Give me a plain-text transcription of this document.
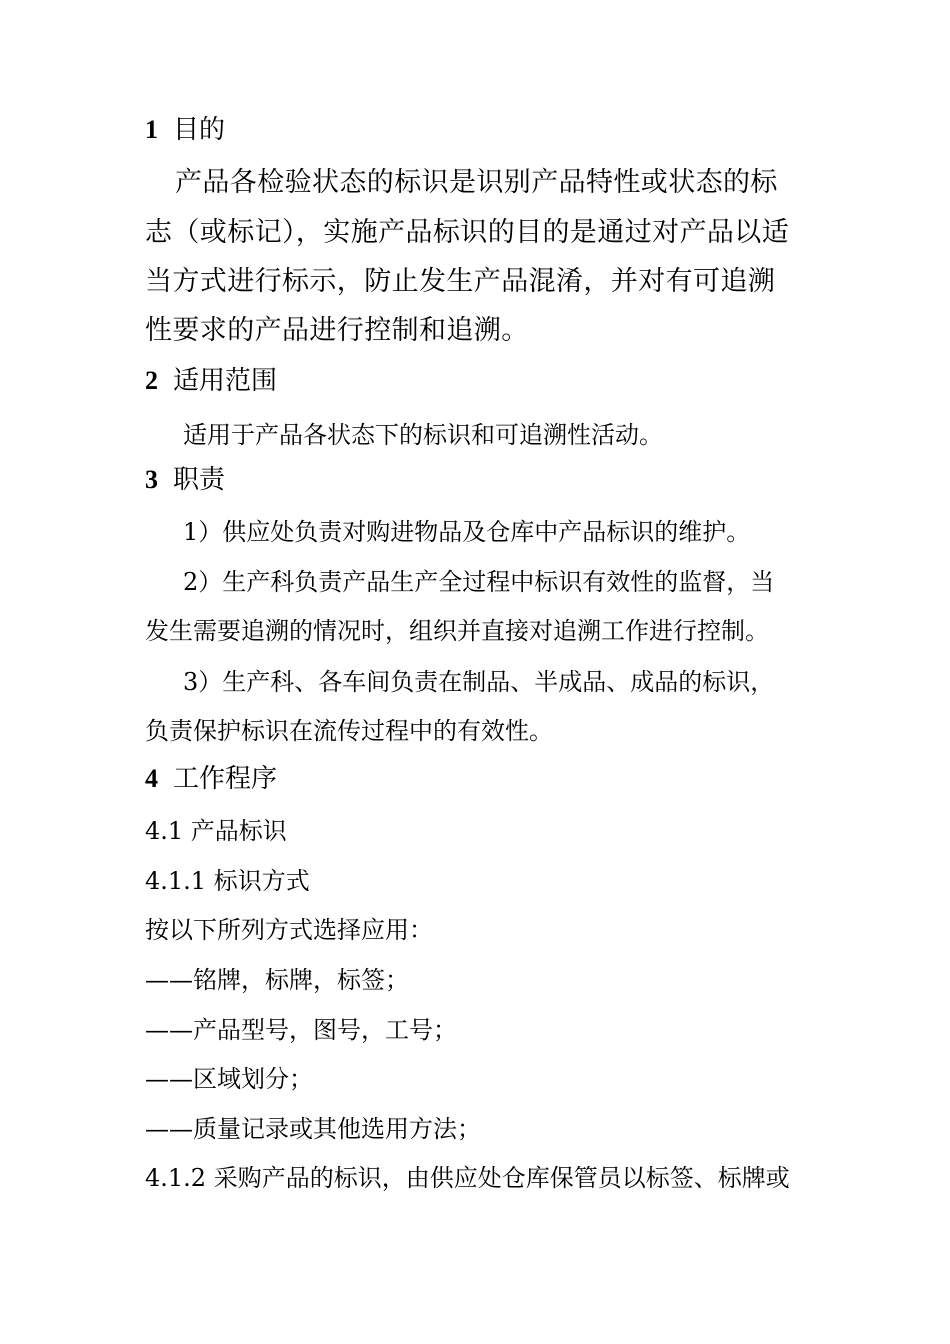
1 目的
产品各检验状态的标识是识别产品特性或状态的标
志（或标记），实施产品标识的目的是通过对产品以适
当方式进行标示，防止发生产品混淆，并对有可追溯
性要求的产品进行控制和追溯。
2 适用范围
适用于产品各状态下的标识和可追溯性活动。
3 职责
1）供应处负责对购进物品及仓库中产品标识的维护。
2）生产科负责产品生产全过程中标识有效性的监督，当
发生需要追溯的情况时，组织并直接对追溯工作进行控制。
3）生产科、各车间负责在制品、半成品、成品的标识，
负责保护标识在流传过程中的有效性。
4 工作程序
4.1 产品标识
4.1.1 标识方式
按以下所列方式选择应用：
——铭牌，标牌，标签；
——产品型号，图号，工号；
——区域划分；
——质量记录或其他选用方法；
4.1.2 采购产品的标识，由供应处仓库保管员以标签、标牌或
